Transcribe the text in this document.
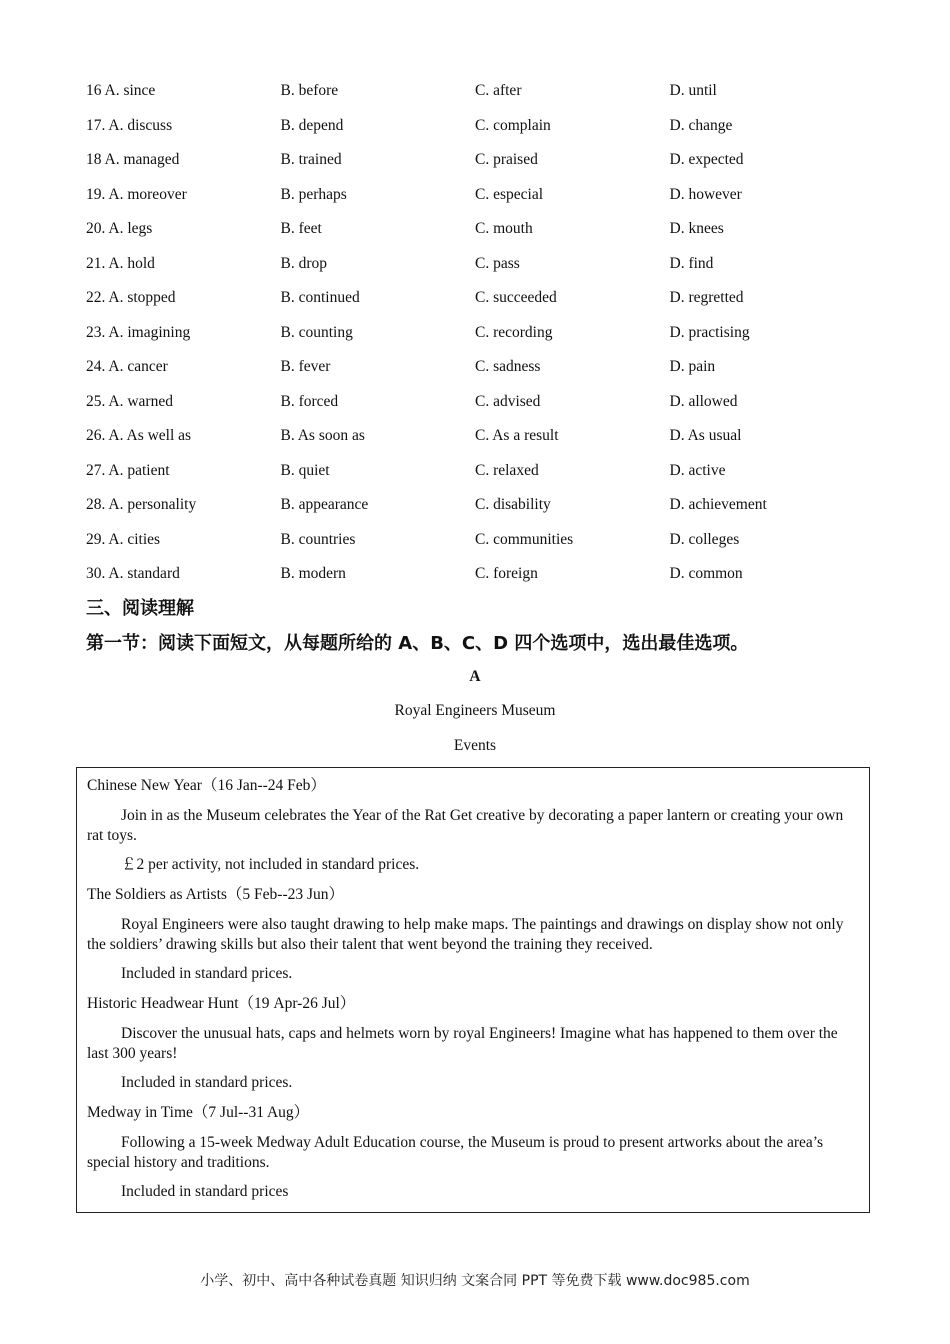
16 A. since	B. before	C. after	D. until
17. A. discuss	B. depend	C. complain	D. change
18 A. managed	B. trained	C. praised	D. expected
19. A. moreover	B. perhaps	C. especial	D. however
20. A. legs	B. feet	C. mouth	D. knees
21. A. hold	B. drop	C. pass	D. find
22. A. stopped	B. continued	C. succeeded	D. regretted
23. A. imagining	B. counting	C. recording	D. practising
24. A. cancer	B. fever	C. sadness	D. pain
25. A. warned	B. forced	C. advised	D. allowed
26. A. As well as	B. As soon as	C. As a result	D. As usual
27. A. patient	B. quiet	C. relaxed	D. active
28. A. personality	B. appearance	C. disability	D. achievement
29. A. cities	B. countries	C. communities	D. colleges
30. A. standard	B. modern	C. foreign	D. common
三、阅读理解
第一节：阅读下面短文，从每题所给的 A、B、C、D 四个选项中，选出最佳选项。
A
Royal Engineers Museum
Events

Chinese New Year（16 Jan--24 Feb）

Join in as the Museum celebrates the Year of the Rat Get creative by decorating a paper lantern or creating your own rat toys.

￡2 per activity, not included in standard prices.

The Soldiers as Artists（5 Feb--23 Jun）

Royal Engineers were also taught drawing to help make maps. The paintings and drawings on display show not only the soldiers’ drawing skills but also their talent that went beyond the training they received.

Included in standard prices.

Historic Headwear Hunt（19 Apr-26 Jul）

Discover the unusual hats, caps and helmets worn by royal Engineers! Imagine what has happened to them over the last 300 years!

Included in standard prices.

Medway in Time（7 Jul--31 Aug）

Following a 15-week Medway Adult Education course, the Museum is proud to present artworks about the area’s special history and traditions.

Included in standard prices

小学、初中、高中各种试卷真题 知识归纳 文案合同 PPT 等免费下载 www.doc985.com
